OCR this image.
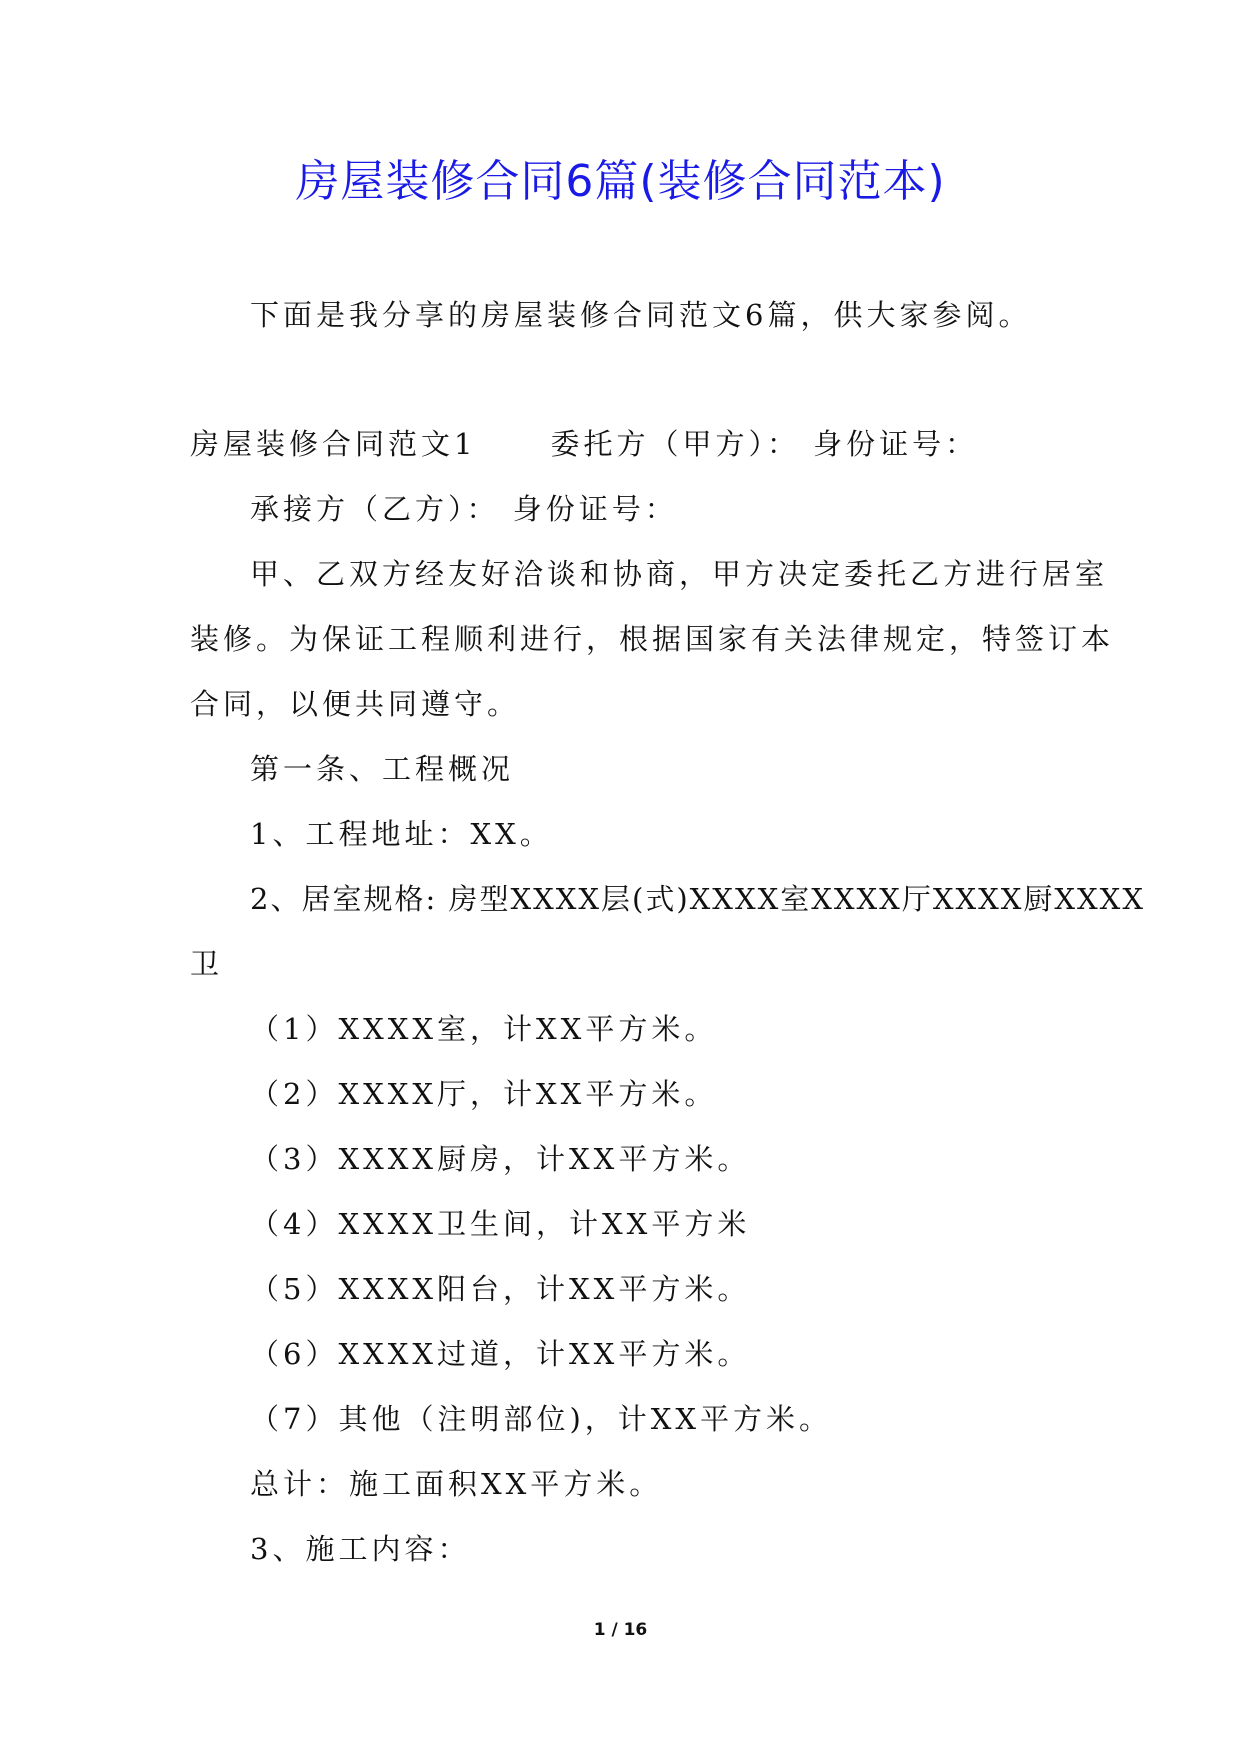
房屋装修合同6篇(装修合同范本)

下面是我分享的房屋装修合同范文6篇，供大家参阅。

房屋装修合同范文1	委托方（甲方）： 身份证号：

承接方（乙方）： 身份证号：

甲、乙双方经友好洽谈和协商，甲方决定委托乙方进行居室

装修。为保证工程顺利进行，根据国家有关法律规定，特签订本

合同，以便共同遵守。

第一条、工程概况

1、工程地址：XX。

2、居室规格: 房型XXXX层(式)XXXX室XXXX厅XXXX厨XXXX

卫

（1）XXXX室，计XX平方米。

（2）XXXX厅，计XX平方米。

（3）XXXX厨房，计XX平方米。

（4）XXXX卫生间，计XX平方米

（5）XXXX阳台，计XX平方米。

（6）XXXX过道，计XX平方米。

（7）其他（注明部位)，计XX平方米。

总计：施工面积XX平方米。

3、施工内容：

1 / 16
